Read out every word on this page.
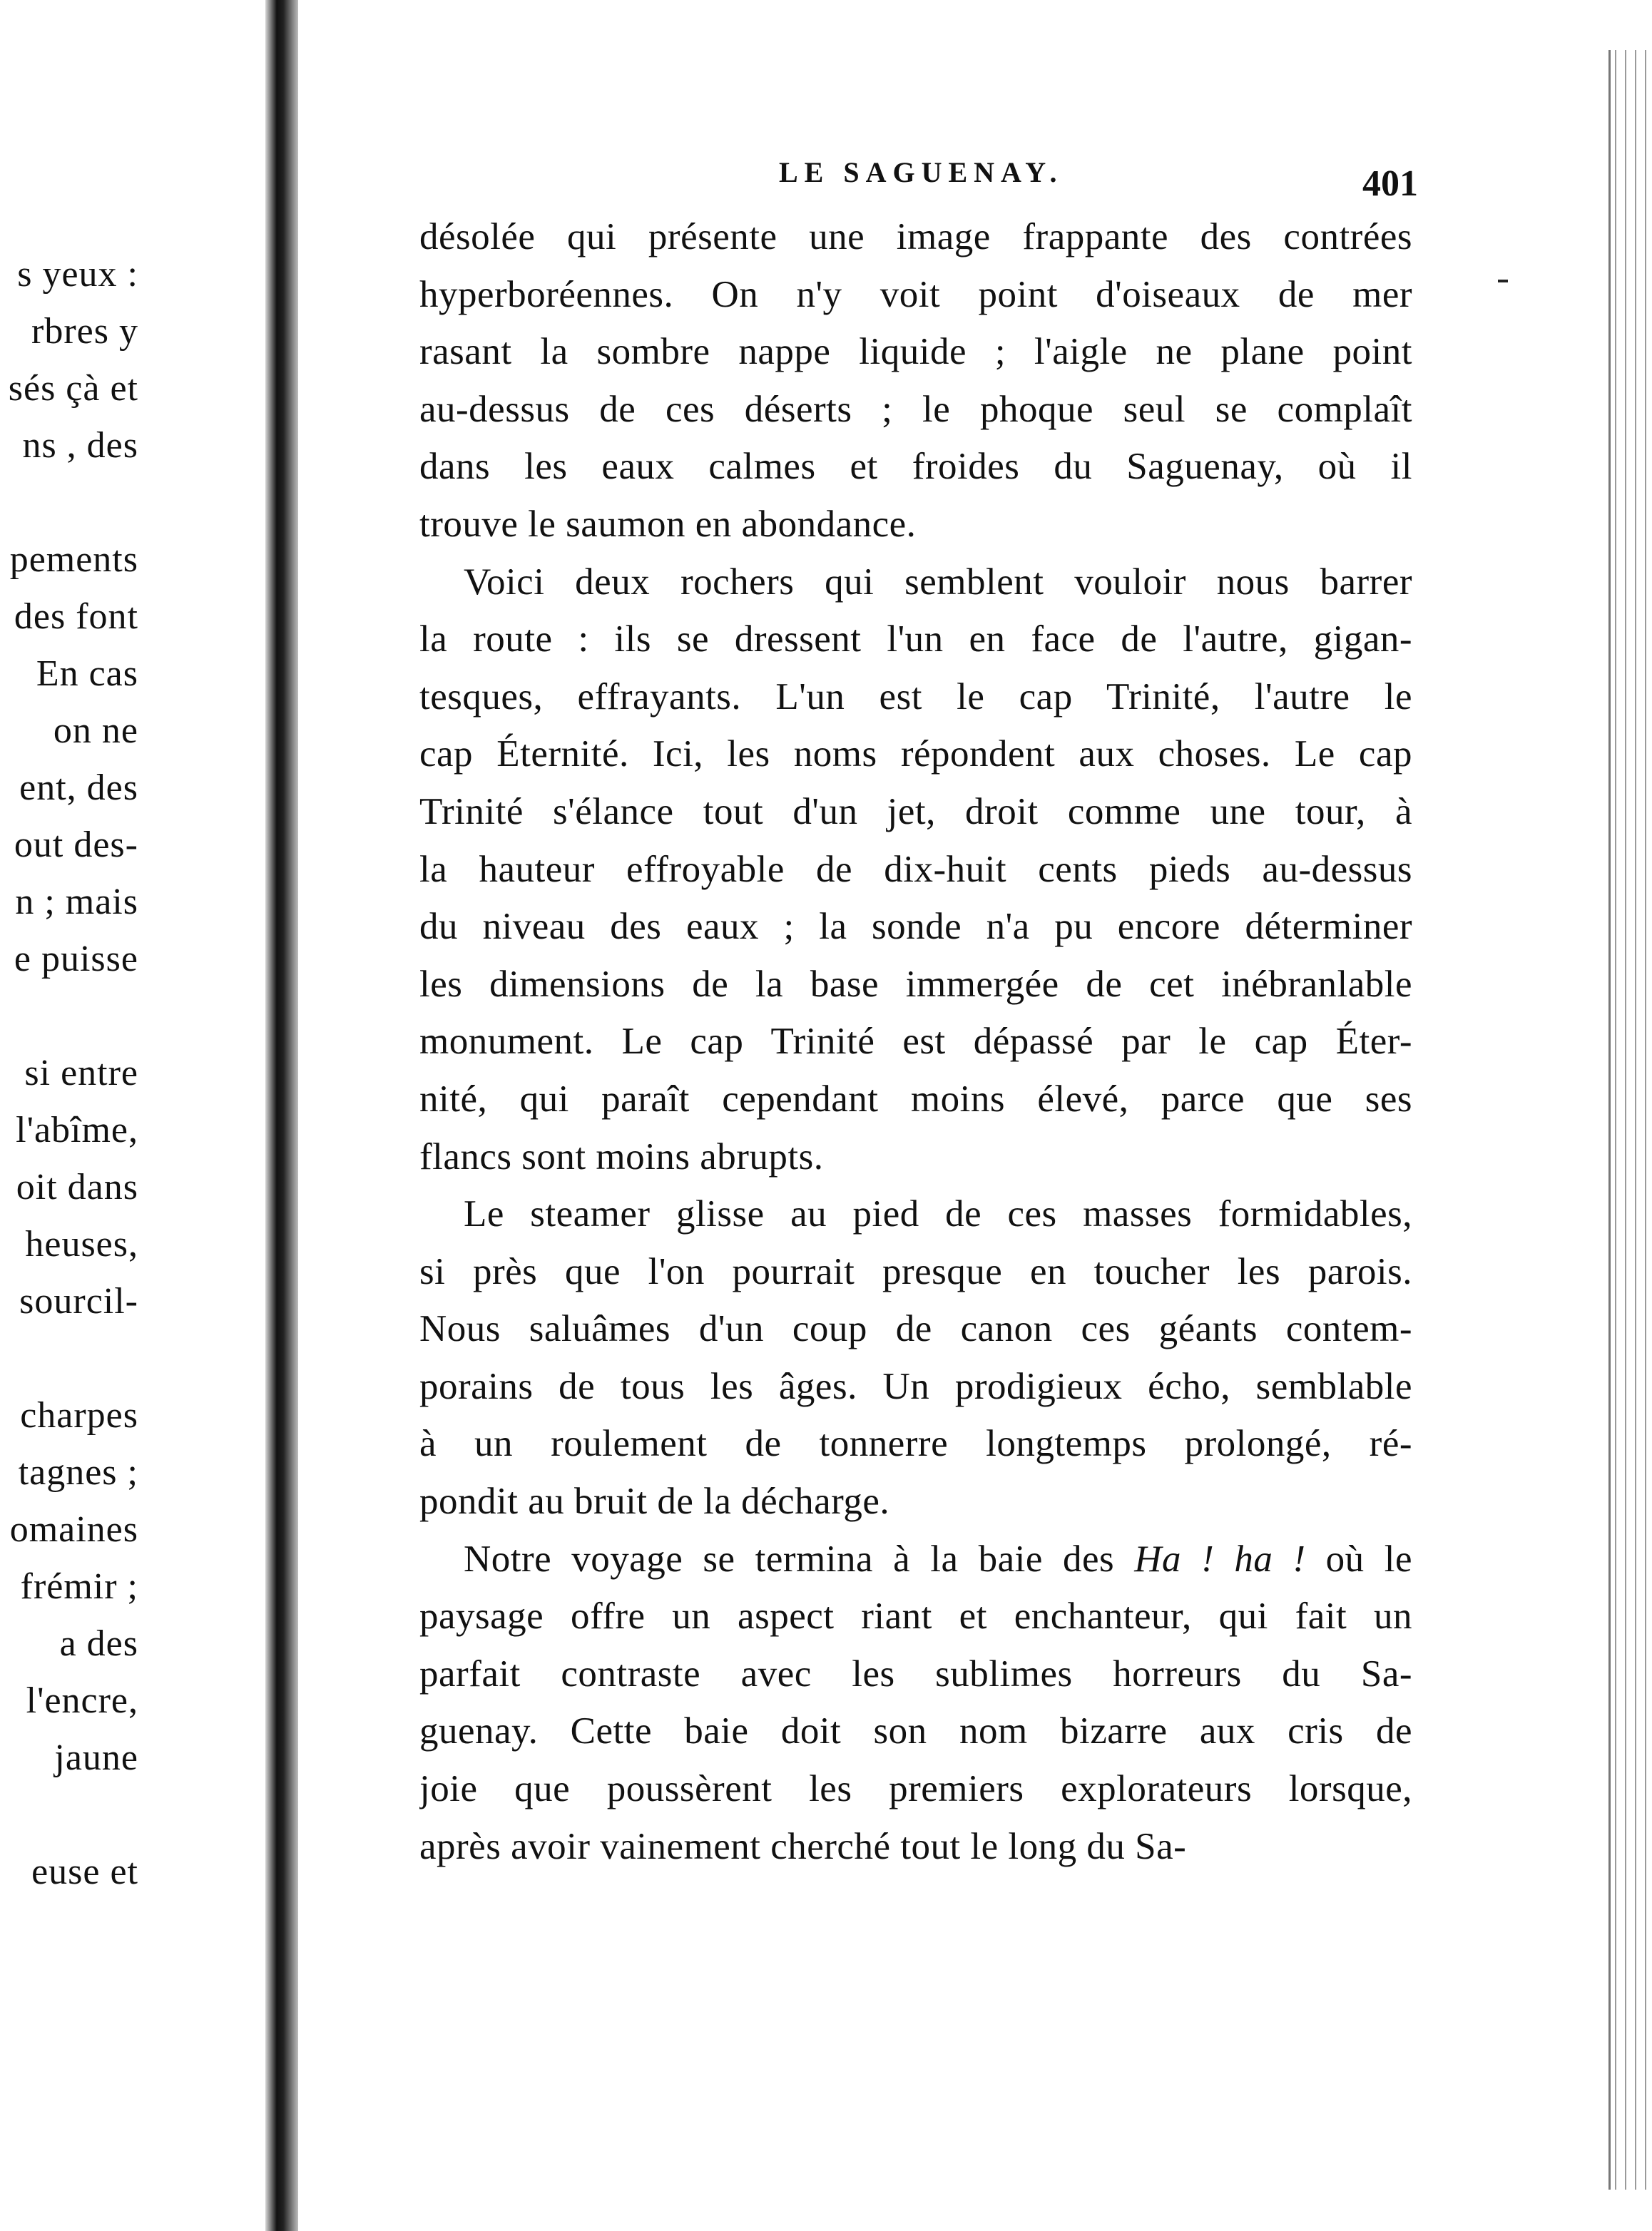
s yeux :
rbres y
sés çà et
ns , des
pements
des font
En cas
on ne
ent, des
out des-
n ; mais
e puisse
si entre
l'abîme,
oit dans
heuses,
sourcil-
charpes
tagnes ;
omaines
frémir ;
a des
l'encre,
jaune
euse et
LE SAGUENAY.	401
désolée qui présente une image frappante des contrées
hyperboréennes. On n'y voit point d'oiseaux de mer
rasant la sombre nappe liquide ; l'aigle ne plane point
au-dessus de ces déserts ; le phoque seul se complaît
dans les eaux calmes et froides du Saguenay, où il
trouve le saumon en abondance.
Voici deux rochers qui semblent vouloir nous barrer
la route : ils se dressent l'un en face de l'autre, gigan-
tesques, effrayants. L'un est le cap Trinité, l'autre le
cap Éternité. Ici, les noms répondent aux choses. Le cap
Trinité s'élance tout d'un jet, droit comme une tour, à
la hauteur effroyable de dix-huit cents pieds au-dessus
du niveau des eaux ; la sonde n'a pu encore déterminer
les dimensions de la base immergée de cet inébranlable
monument. Le cap Trinité est dépassé par le cap Éter-
nité, qui paraît cependant moins élevé, parce que ses
flancs sont moins abrupts.
Le steamer glisse au pied de ces masses formidables,
si près que l'on pourrait presque en toucher les parois.
Nous saluâmes d'un coup de canon ces géants contem-
porains de tous les âges. Un prodigieux écho, semblable
à un roulement de tonnerre longtemps prolongé, ré-
pondit au bruit de la décharge.
Notre voyage se termina à la baie des Ha ! ha ! où le
paysage offre un aspect riant et enchanteur, qui fait un
parfait contraste avec les sublimes horreurs du Sa-
guenay. Cette baie doit son nom bizarre aux cris de
joie que poussèrent les premiers explorateurs lorsque,
après avoir vainement cherché tout le long du Sa-
